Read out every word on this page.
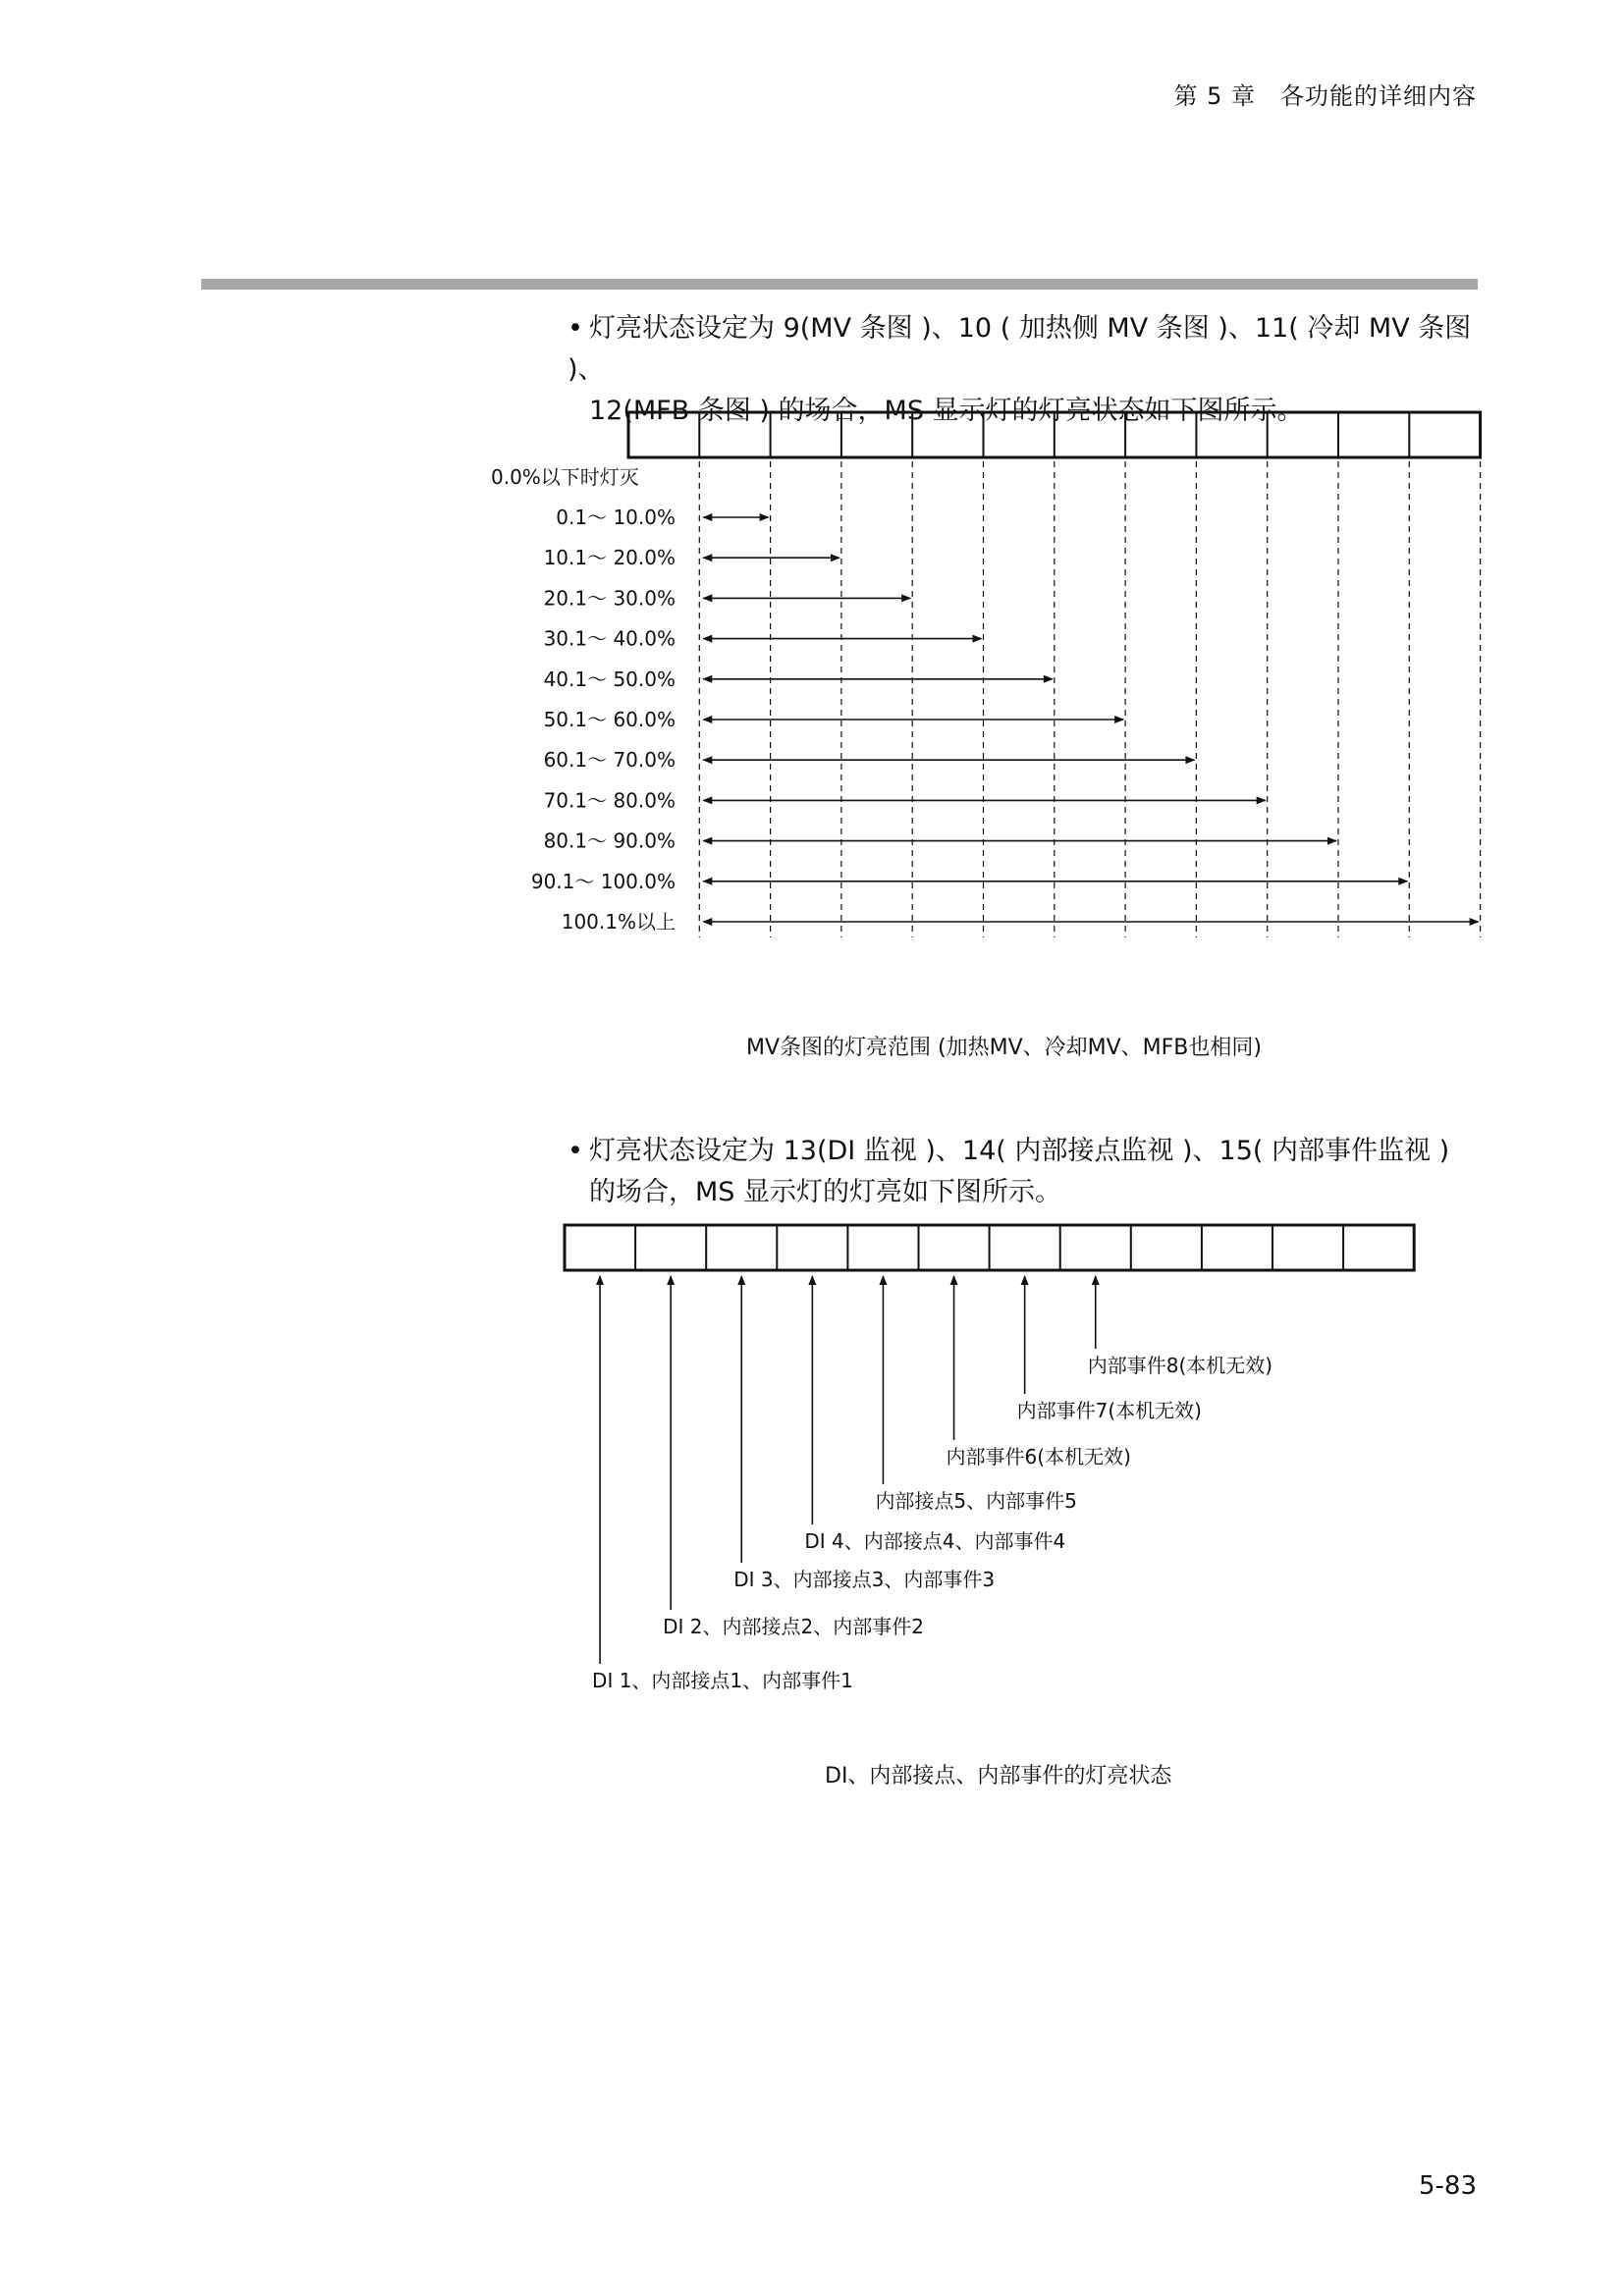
第 5 章　各功能的详细内容
• 灯亮状态设定为 9(MV 条图 )、10 ( 加热侧 MV 条图 )、11( 冷却 MV 条图 )、
12(MFB 条图 ) 的场合，MS 显示灯的灯亮状态如下图所示。
0.0%以下时灯灭
0.1～ 10.0%
10.1～ 20.0%
20.1～ 30.0%
30.1～ 40.0%
40.1～ 50.0%
50.1～ 60.0%
60.1～ 70.0%
70.1～ 80.0%
80.1～ 90.0%
90.1～ 100.0%
100.1%以上
MV条图的灯亮范围 (加热MV、冷却MV、MFB也相同)
• 灯亮状态设定为 13(DI 监视 )、14( 内部接点监视 )、15( 内部事件监视 )
的场合，MS 显示灯的灯亮如下图所示。
DI 1、内部接点1、内部事件1
DI 2、内部接点2、内部事件2
DI 3、内部接点3、内部事件3
DI 4、内部接点4、内部事件4
内部接点5、内部事件5
内部事件6(本机无效)
内部事件7(本机无效)
内部事件8(本机无效)
DI、内部接点、内部事件的灯亮状态
5-83
